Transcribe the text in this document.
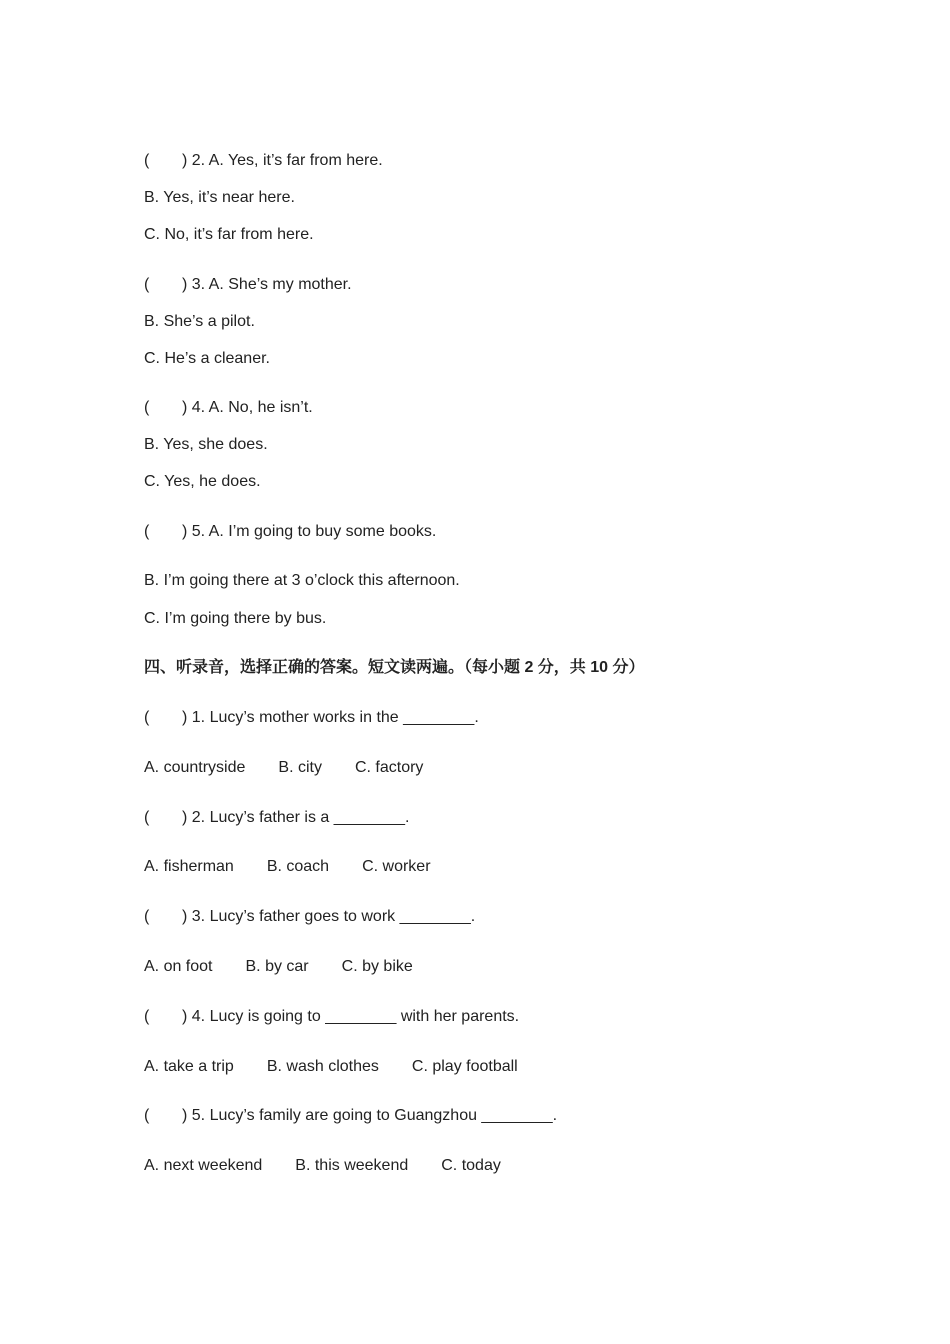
( ) 2. A. Yes, it’s far from here.
B. Yes, it’s near here.
C. No, it’s far from here.
( ) 3. A. She’s my mother.
B. She’s a pilot.
C. He’s a cleaner.
( ) 4. A. No, he isn’t.
B. Yes, she does.
C. Yes, he does.
( ) 5. A. I’m going to buy some books.
B. I’m going there at 3 o’clock this afternoon.
C. I’m going there by bus.
四、听录音，选择正确的答案。短文读两遍。（每小题 2 分，共 10 分）
( ) 1. Lucy’s mother works in the ________.
A. countryside B. city C. factory
( ) 2. Lucy’s father is a ________.
A. fisherman B. coach C. worker
( ) 3. Lucy’s father goes to work ________.
A. on foot B. by car C. by bike
( ) 4. Lucy is going to ________ with her parents.
A. take a trip B. wash clothes C. play football
( ) 5. Lucy’s family are going to Guangzhou ________.
A. next weekend B. this weekend C. today
